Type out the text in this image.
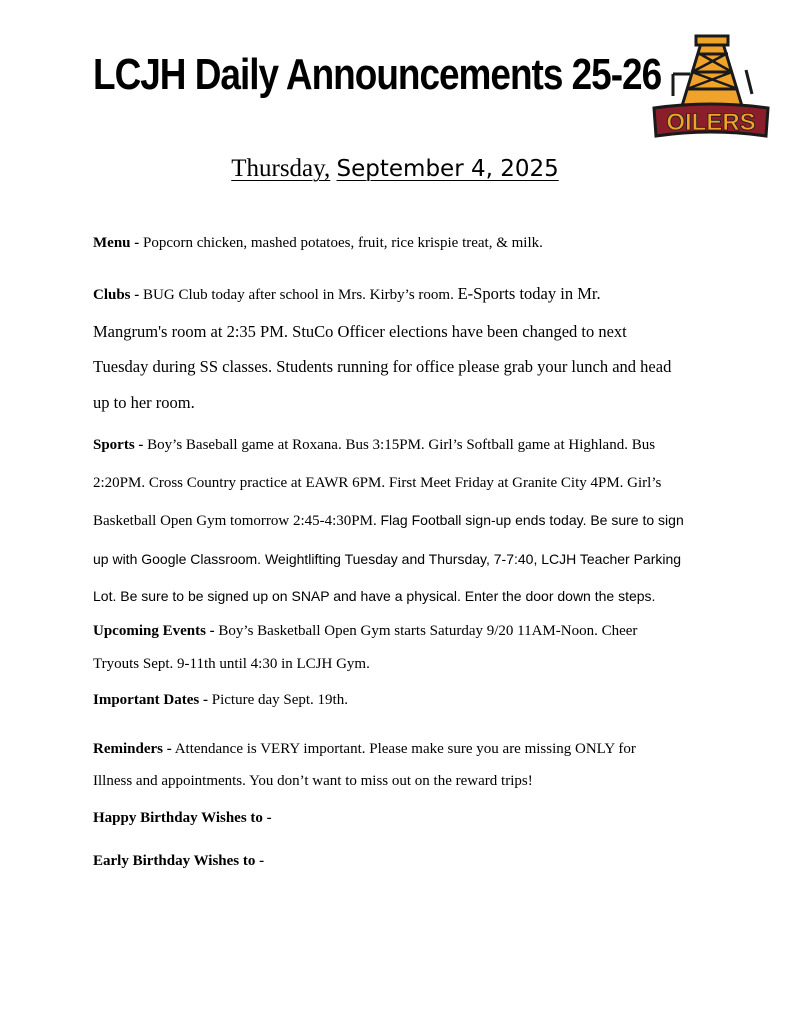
LCJH Daily Announcements 25-26
OILERS
Thursday, September 4, 2025
Menu - Popcorn chicken, mashed potatoes, fruit, rice krispie treat, & milk.
Clubs - BUG Club today after school in Mrs. Kirby’s room. E-Sports today in Mr.
Mangrum's room at 2:35 PM. StuCo Officer elections have been changed to next
Tuesday during SS classes. Students running for office please grab your lunch and head
up to her room.
Sports - Boy’s Baseball game at Roxana. Bus 3:15PM. Girl’s Softball game at Highland. Bus
2:20PM. Cross Country practice at EAWR 6PM. First Meet Friday at Granite City 4PM. Girl’s
Basketball Open Gym tomorrow 2:45-4:30PM. Flag Football sign-up ends today. Be sure to sign
up with Google Classroom. Weightlifting Tuesday and Thursday, 7-7:40, LCJH Teacher Parking
Lot. Be sure to be signed up on SNAP and have a physical. Enter the door down the steps.
Upcoming Events - Boy’s Basketball Open Gym starts Saturday 9/20 11AM-Noon. Cheer
Tryouts Sept. 9-11th until 4:30 in LCJH Gym.
Important Dates - Picture day Sept. 19th.
Reminders - Attendance is VERY important. Please make sure you are missing ONLY for
Illness and appointments. You don’t want to miss out on the reward trips!
Happy Birthday Wishes to -
Early Birthday Wishes to -
